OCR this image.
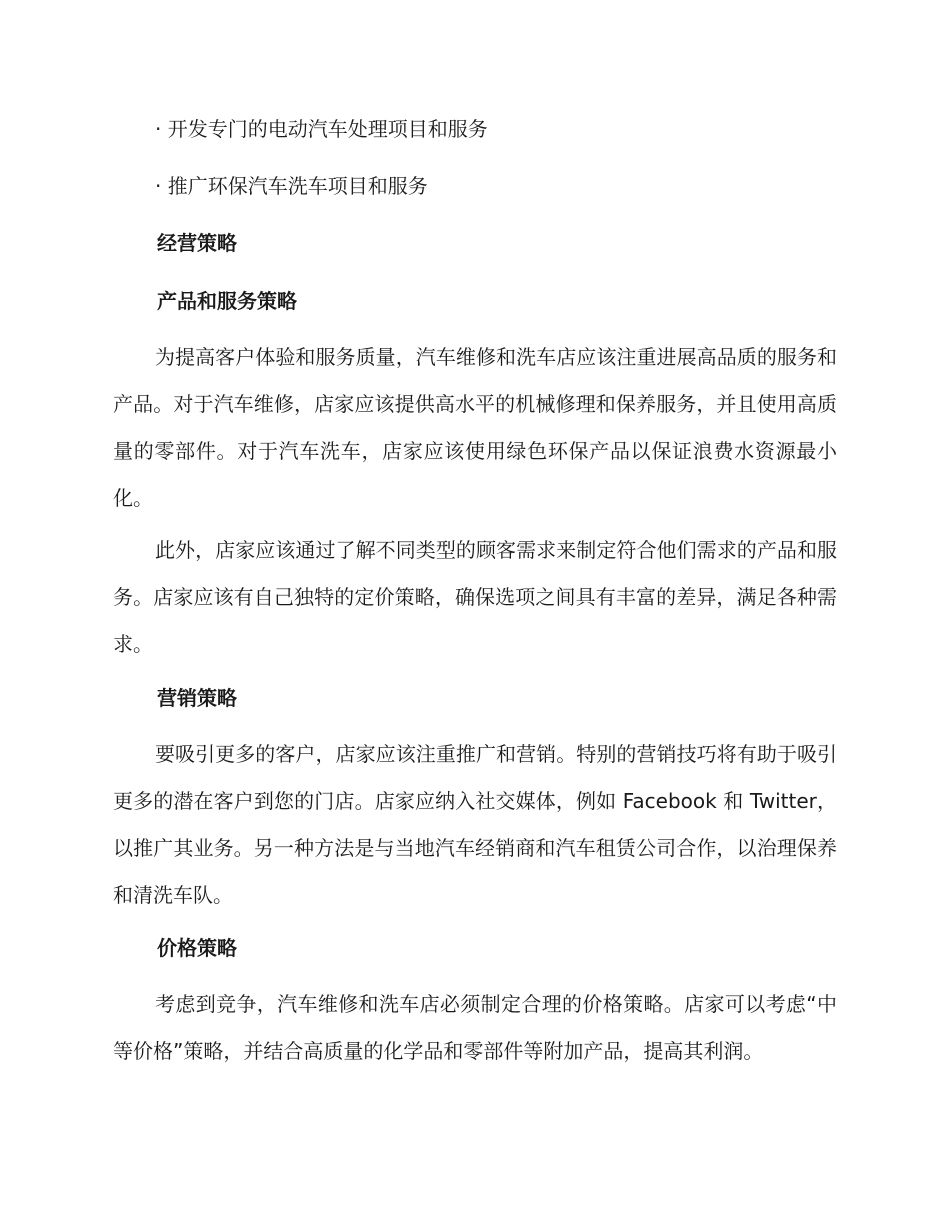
· 开发专门的电动汽车处理项目和服务

· 推广环保汽车洗车项目和服务

经营策略
产品和服务策略

为提高客户体验和服务质量，汽车维修和洗车店应该注重进展高品质的服务和产品。对于汽车维修，店家应该提供高水平的机械修理和保养服务，并且使用高质量的零部件。对于汽车洗车，店家应该使用绿色环保产品以保证浪费水资源最小化。

此外，店家应该通过了解不同类型的顾客需求来制定符合他们需求的产品和服务。店家应该有自己独特的定价策略，确保选项之间具有丰富的差异，满足各种需求。

营销策略

要吸引更多的客户，店家应该注重推广和营销。特别的营销技巧将有助于吸引更多的潜在客户到您的门店。店家应纳入社交媒体，例如 Facebook 和 Twitter，以推广其业务。另一种方法是与当地汽车经销商和汽车租赁公司合作，以治理保养和清洗车队。

价格策略

考虑到竞争，汽车维修和洗车店必须制定合理的价格策略。店家可以考虑“中等价格”策略，并结合高质量的化学品和零部件等附加产品，提高其利润。
